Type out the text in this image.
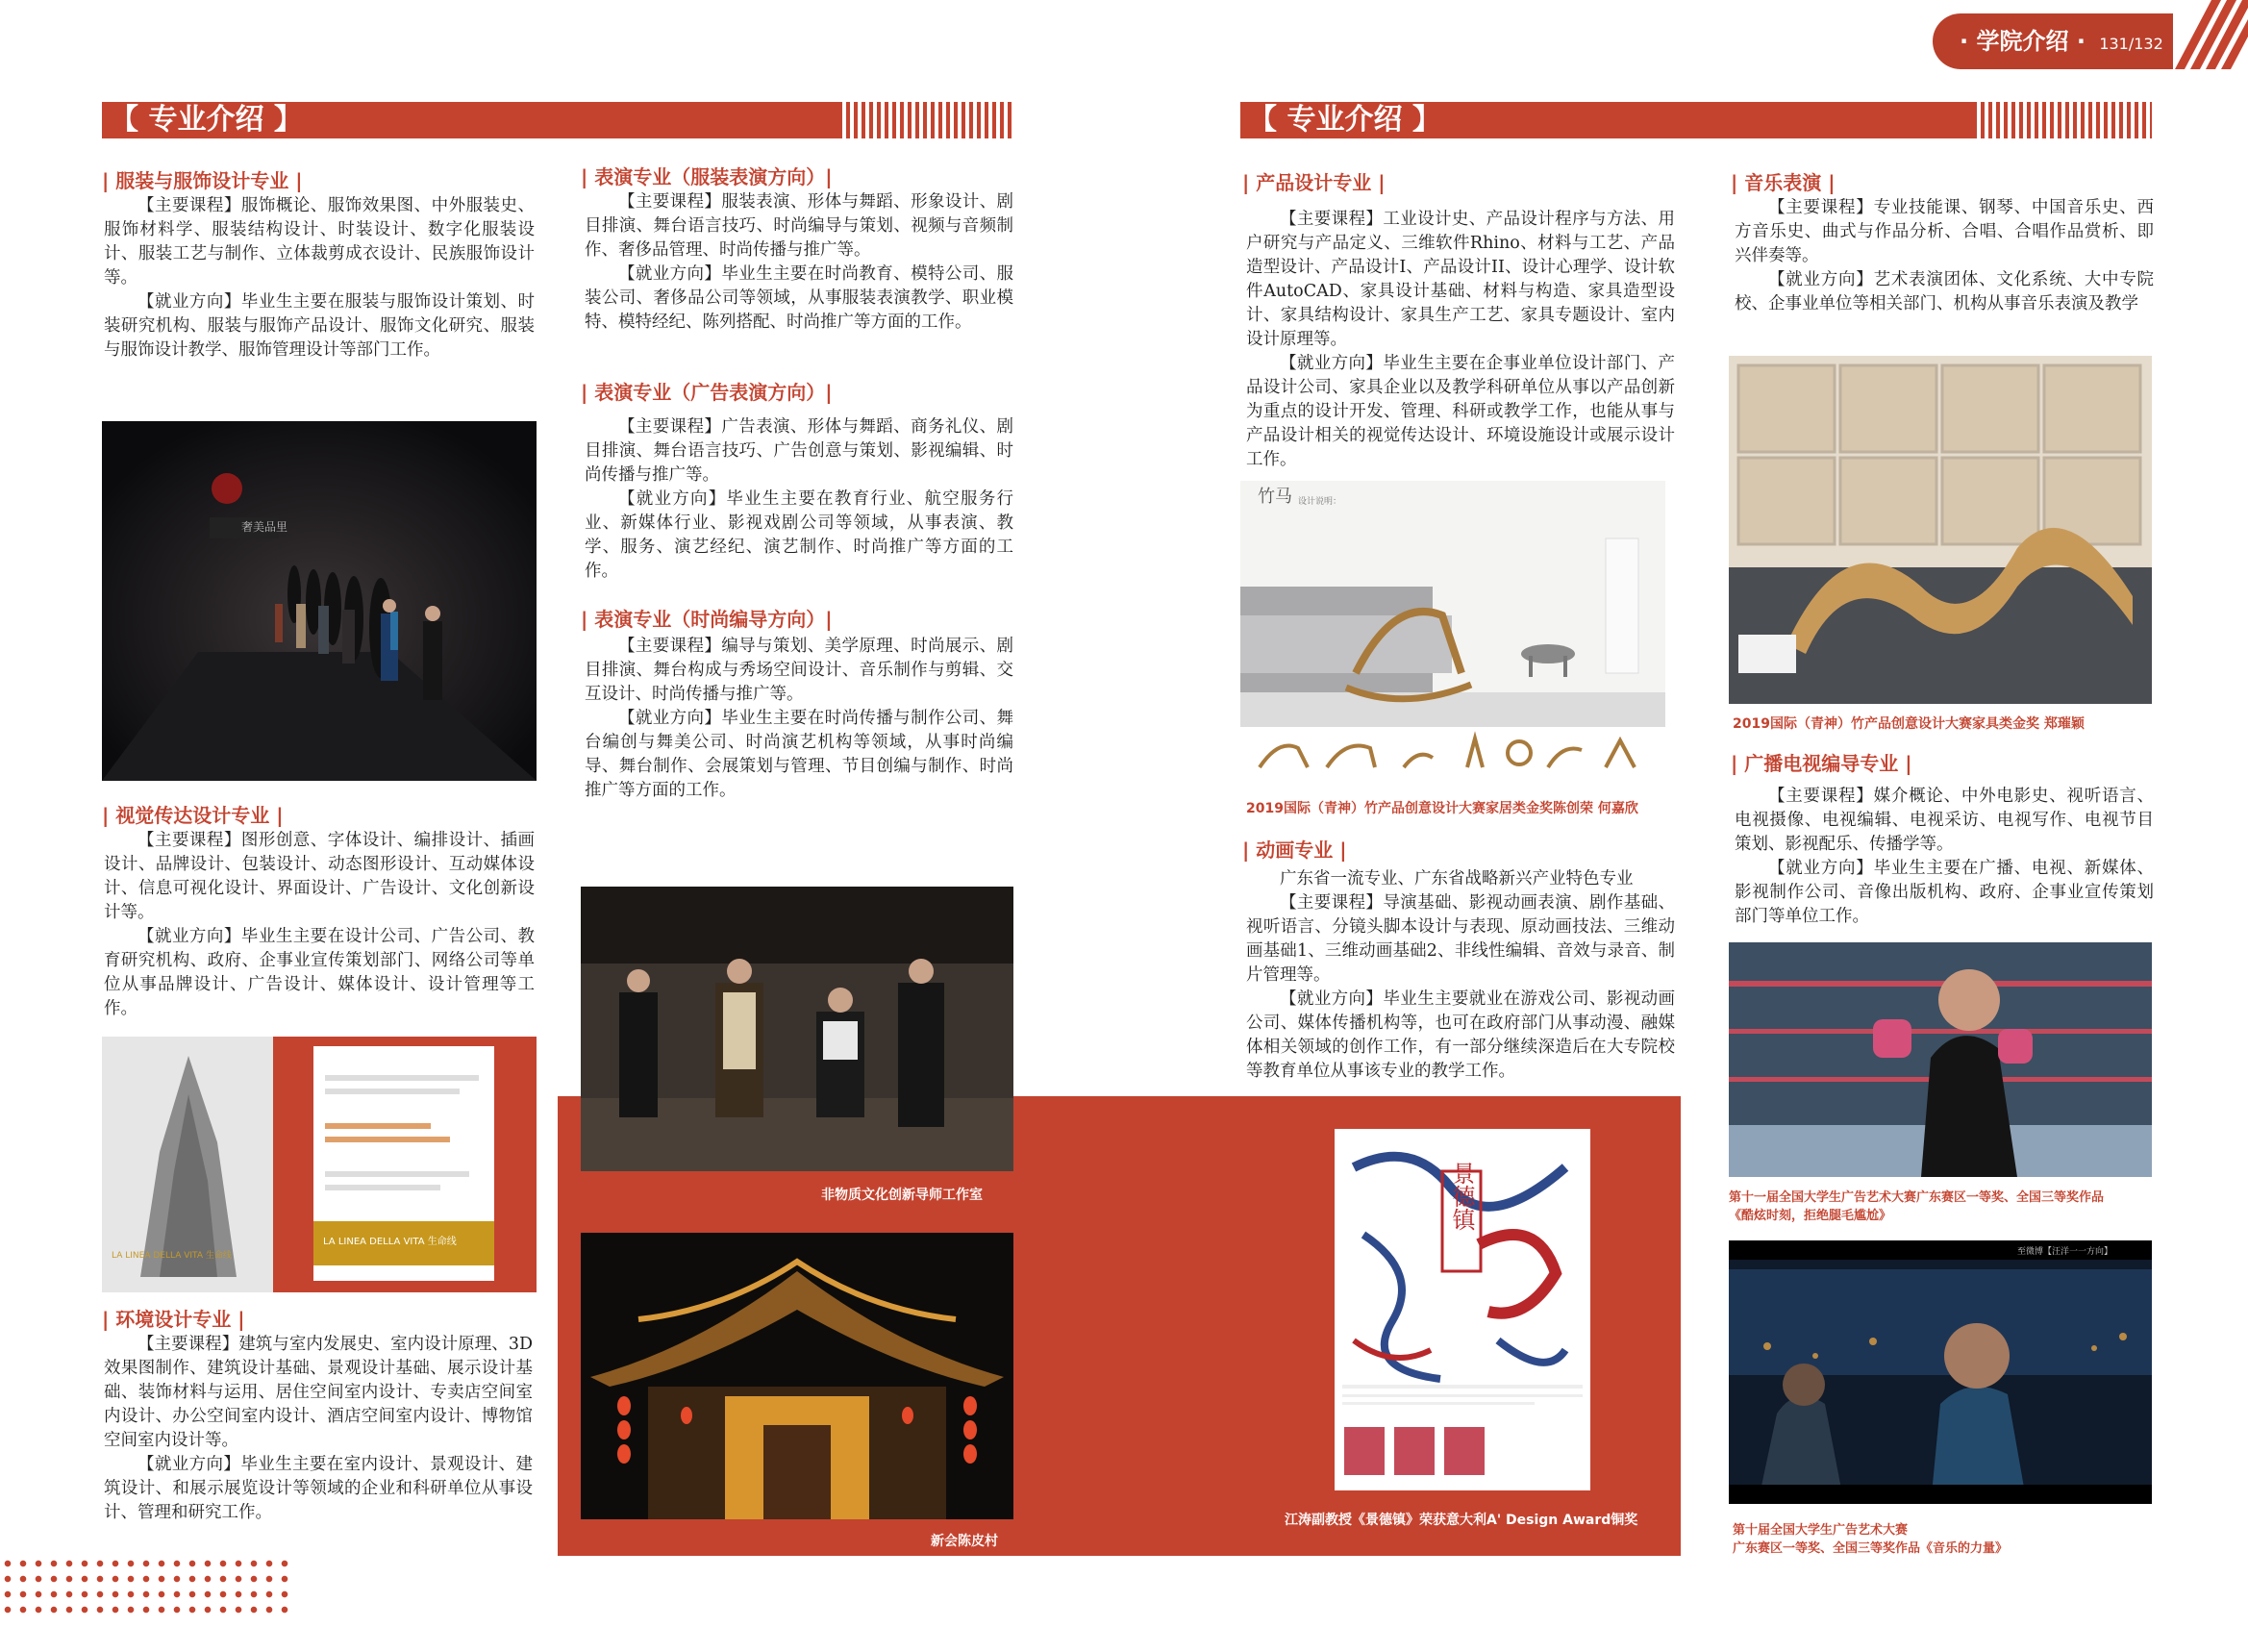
· 学院介绍 · 131/132
【 专业介绍 】	【 专业介绍 】
| 服装与服饰设计专业 |

【主要课程】服饰概论、服饰效果图、中外服装史、服饰材料学、服装结构设计、时装设计、数字化服装设计、服装工艺与制作、立体裁剪成衣设计、民族服饰设计等。

【就业方向】毕业生主要在服装与服饰设计策划、时装研究机构、服装与服饰产品设计、服饰文化研究、服装与服饰设计教学、服饰管理设计等部门工作。

奢美品里
| 视觉传达设计专业 |

【主要课程】图形创意、字体设计、编排设计、插画设计、品牌设计、包装设计、动态图形设计、互动媒体设计、信息可视化设计、界面设计、广告设计、文化创新设计等。

【就业方向】毕业生主要在设计公司、广告公司、教育研究机构、政府、企事业宣传策划部门、网络公司等单位从事品牌设计、广告设计、媒体设计、设计管理等工作。

LA LINEA DELLA VITA 生命线
LA LINEA DELLA VITA 生命线
| 环境设计专业 |

【主要课程】建筑与室内发展史、室内设计原理、3D效果图制作、建筑设计基础、景观设计基础、展示设计基础、装饰材料与运用、居住空间室内设计、专卖店空间室内设计、办公空间室内设计、酒店空间室内设计、博物馆空间室内设计等。

【就业方向】毕业生主要在室内设计、景观设计、建筑设计、和展示展览设计等领域的企业和科研单位从事设计、管理和研究工作。

| 表演专业（服装表演方向）|

【主要课程】服装表演、形体与舞蹈、形象设计、剧目排演、舞台语言技巧、时尚编导与策划、视频与音频制作、奢侈品管理、时尚传播与推广等。

【就业方向】毕业生主要在时尚教育、模特公司、服装公司、奢侈品公司等领域，从事服装表演教学、职业模特、模特经纪、陈列搭配、时尚推广等方面的工作。

| 表演专业（广告表演方向）|

【主要课程】广告表演、形体与舞蹈、商务礼仪、剧目排演、舞台语言技巧、广告创意与策划、影视编辑、时尚传播与推广等。

【就业方向】毕业生主要在教育行业、航空服务行业、新媒体行业、影视戏剧公司等领域，从事表演、教学、服务、演艺经纪、演艺制作、时尚推广等方面的工作。

| 表演专业（时尚编导方向）|

【主要课程】编导与策划、美学原理、时尚展示、剧目排演、舞台构成与秀场空间设计、音乐制作与剪辑、交互设计、时尚传播与推广等。

【就业方向】毕业生主要在时尚传播与制作公司、舞台编创与舞美公司、时尚演艺机构等领域，从事时尚编导、舞台制作、会展策划与管理、节目创编与制作、时尚推广等方面的工作。

非物质文化创新导师工作室
新会陈皮村
| 产品设计专业 |

【主要课程】工业设计史、产品设计程序与方法、用户研究与产品定义、三维软件Rhino、材料与工艺、产品造型设计、产品设计I、产品设计II、设计心理学、设计软件AutoCAD、家具设计基础、材料与构造、家具造型设计、家具结构设计、家具生产工艺、家具专题设计、室内设计原理等。

【就业方向】毕业生主要在企事业单位设计部门、产品设计公司、家具企业以及教学科研单位从事以产品创新为重点的设计开发、管理、科研或教学工作，也能从事与产品设计相关的视觉传达设计、环境设施设计或展示设计工作。

竹马 设计说明：
2019国际（青神）竹产品创意设计大赛家居类金奖陈创荣 何嘉欣
| 动画专业 |

广东省一流专业、广东省战略新兴产业特色专业

【主要课程】导演基础、影视动画表演、剧作基础、视听语言、分镜头脚本设计与表现、原动画技法、三维动画基础1、三维动画基础2、非线性编辑、音效与录音、制片管理等。

【就业方向】毕业生主要就业在游戏公司、影视动画公司、媒体传播机构等，也可在政府部门从事动漫、融媒体相关领域的创作工作，有一部分继续深造后在大专院校等教育单位从事该专业的教学工作。

景德镇
江涛副教授《景德镇》荣获意大利A' Design Award铜奖
| 音乐表演 |

【主要课程】专业技能课、钢琴、中国音乐史、西方音乐史、曲式与作品分析、合唱、合唱作品赏析、即兴伴奏等。

【就业方向】艺术表演团体、文化系统、大中专院校、企事业单位等相关部门、机构从事音乐表演及教学

2019国际（青神）竹产品创意设计大赛家具类金奖 郑璀颖
| 广播电视编导专业 |

【主要课程】媒介概论、中外电影史、视听语言、电视摄像、电视编辑、电视采访、电视写作、电视节目策划、影视配乐、传播学等。

【就业方向】毕业生主要在广播、电视、新媒体、影视制作公司、音像出版机构、政府、企事业宣传策划部门等单位工作。

第十一届全国大学生广告艺术大赛广东赛区一等奖、全国三等奖作品
《酷炫时刻，拒绝腿毛尴尬》
至微博【汪洋一一方向】
第十届全国大学生广告艺术大赛
广东赛区一等奖、全国三等奖作品《音乐的力量》
